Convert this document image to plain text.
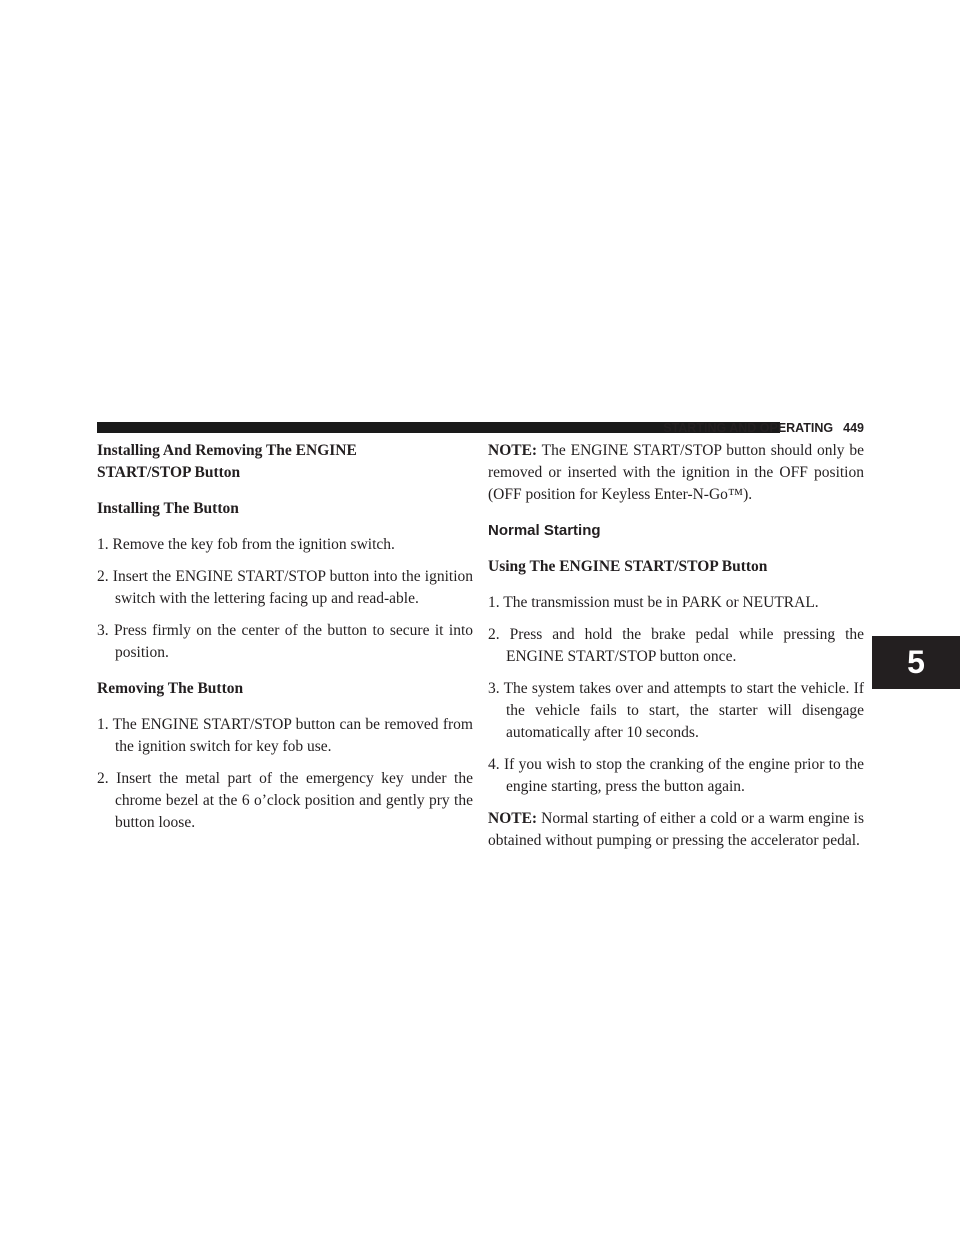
STARTING AND OPERATING 449
5
Installing And Removing The ENGINE
START/STOP Button
Installing The Button
1. Remove the key fob from the ignition switch.
2. Insert the ENGINE START/STOP button into the ignition switch with the lettering facing up and read-able.
3. Press firmly on the center of the button to secure it into position.
Removing The Button
1. The ENGINE START/STOP button can be removed from the ignition switch for key fob use.
2. Insert the metal part of the emergency key under the chrome bezel at the 6 o’clock position and gently pry the button loose.

NOTE: The ENGINE START/STOP button should only be removed or inserted with the ignition in the OFF position (OFF position for Keyless Enter-N-Go™).

Normal Starting
Using The ENGINE START/STOP Button
1. The transmission must be in PARK or NEUTRAL.
2. Press and hold the brake pedal while pressing the ENGINE START/STOP button once.
3. The system takes over and attempts to start the vehicle. If the vehicle fails to start, the starter will disengage automatically after 10 seconds.
4. If you wish to stop the cranking of the engine prior to the engine starting, press the button again.

NOTE: Normal starting of either a cold or a warm engine is obtained without pumping or pressing the accelerator pedal.
